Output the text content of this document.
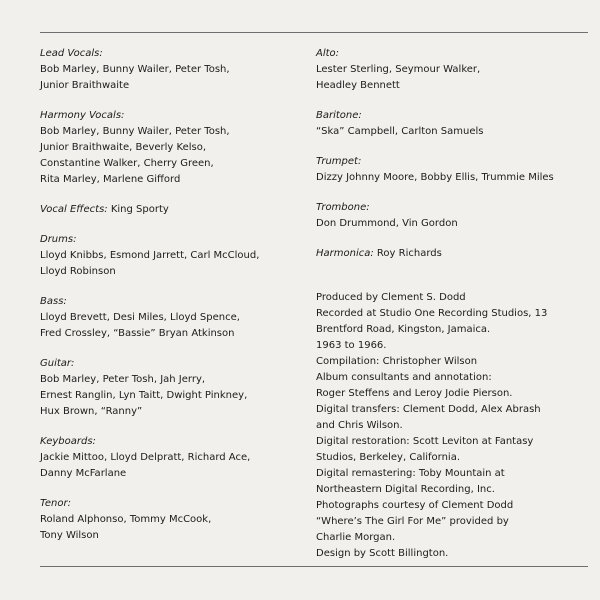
Lead Vocals:
Bob Marley, Bunny Wailer, Peter Tosh,
Junior Braithwaite
Harmony Vocals:
Bob Marley, Bunny Wailer, Peter Tosh,
Junior Braithwaite, Beverly Kelso,
Constantine Walker, Cherry Green,
Rita Marley, Marlene Gifford
Vocal Effects: King Sporty
Drums:
Lloyd Knibbs, Esmond Jarrett, Carl McCloud,
Lloyd Robinson
Bass:
Lloyd Brevett, Desi Miles, Lloyd Spence,
Fred Crossley, “Bassie” Bryan Atkinson
Guitar:
Bob Marley, Peter Tosh, Jah Jerry,
Ernest Ranglin, Lyn Taitt, Dwight Pinkney,
Hux Brown, “Ranny”
Keyboards:
Jackie Mittoo, Lloyd Delpratt, Richard Ace,
Danny McFarlane
Tenor:
Roland Alphonso, Tommy McCook,
Tony Wilson
Alto:
Lester Sterling, Seymour Walker,
Headley Bennett
Baritone:
“Ska” Campbell, Carlton Samuels
Trumpet:
Dizzy Johnny Moore, Bobby Ellis, Trummie Miles
Trombone:
Don Drummond, Vin Gordon
Harmonica: Roy Richards
Produced by Clement S. Dodd
Recorded at Studio One Recording Studios, 13
Brentford Road, Kingston, Jamaica.
1963 to 1966.
Compilation: Christopher Wilson
Album consultants and annotation:
Roger Steffens and Leroy Jodie Pierson.
Digital transfers: Clement Dodd, Alex Abrash
and Chris Wilson.
Digital restoration: Scott Leviton at Fantasy
Studios, Berkeley, California.
Digital remastering: Toby Mountain at
Northeastern Digital Recording, Inc.
Photographs courtesy of Clement Dodd
“Where’s The Girl For Me” provided by
Charlie Morgan.
Design by Scott Billington.
